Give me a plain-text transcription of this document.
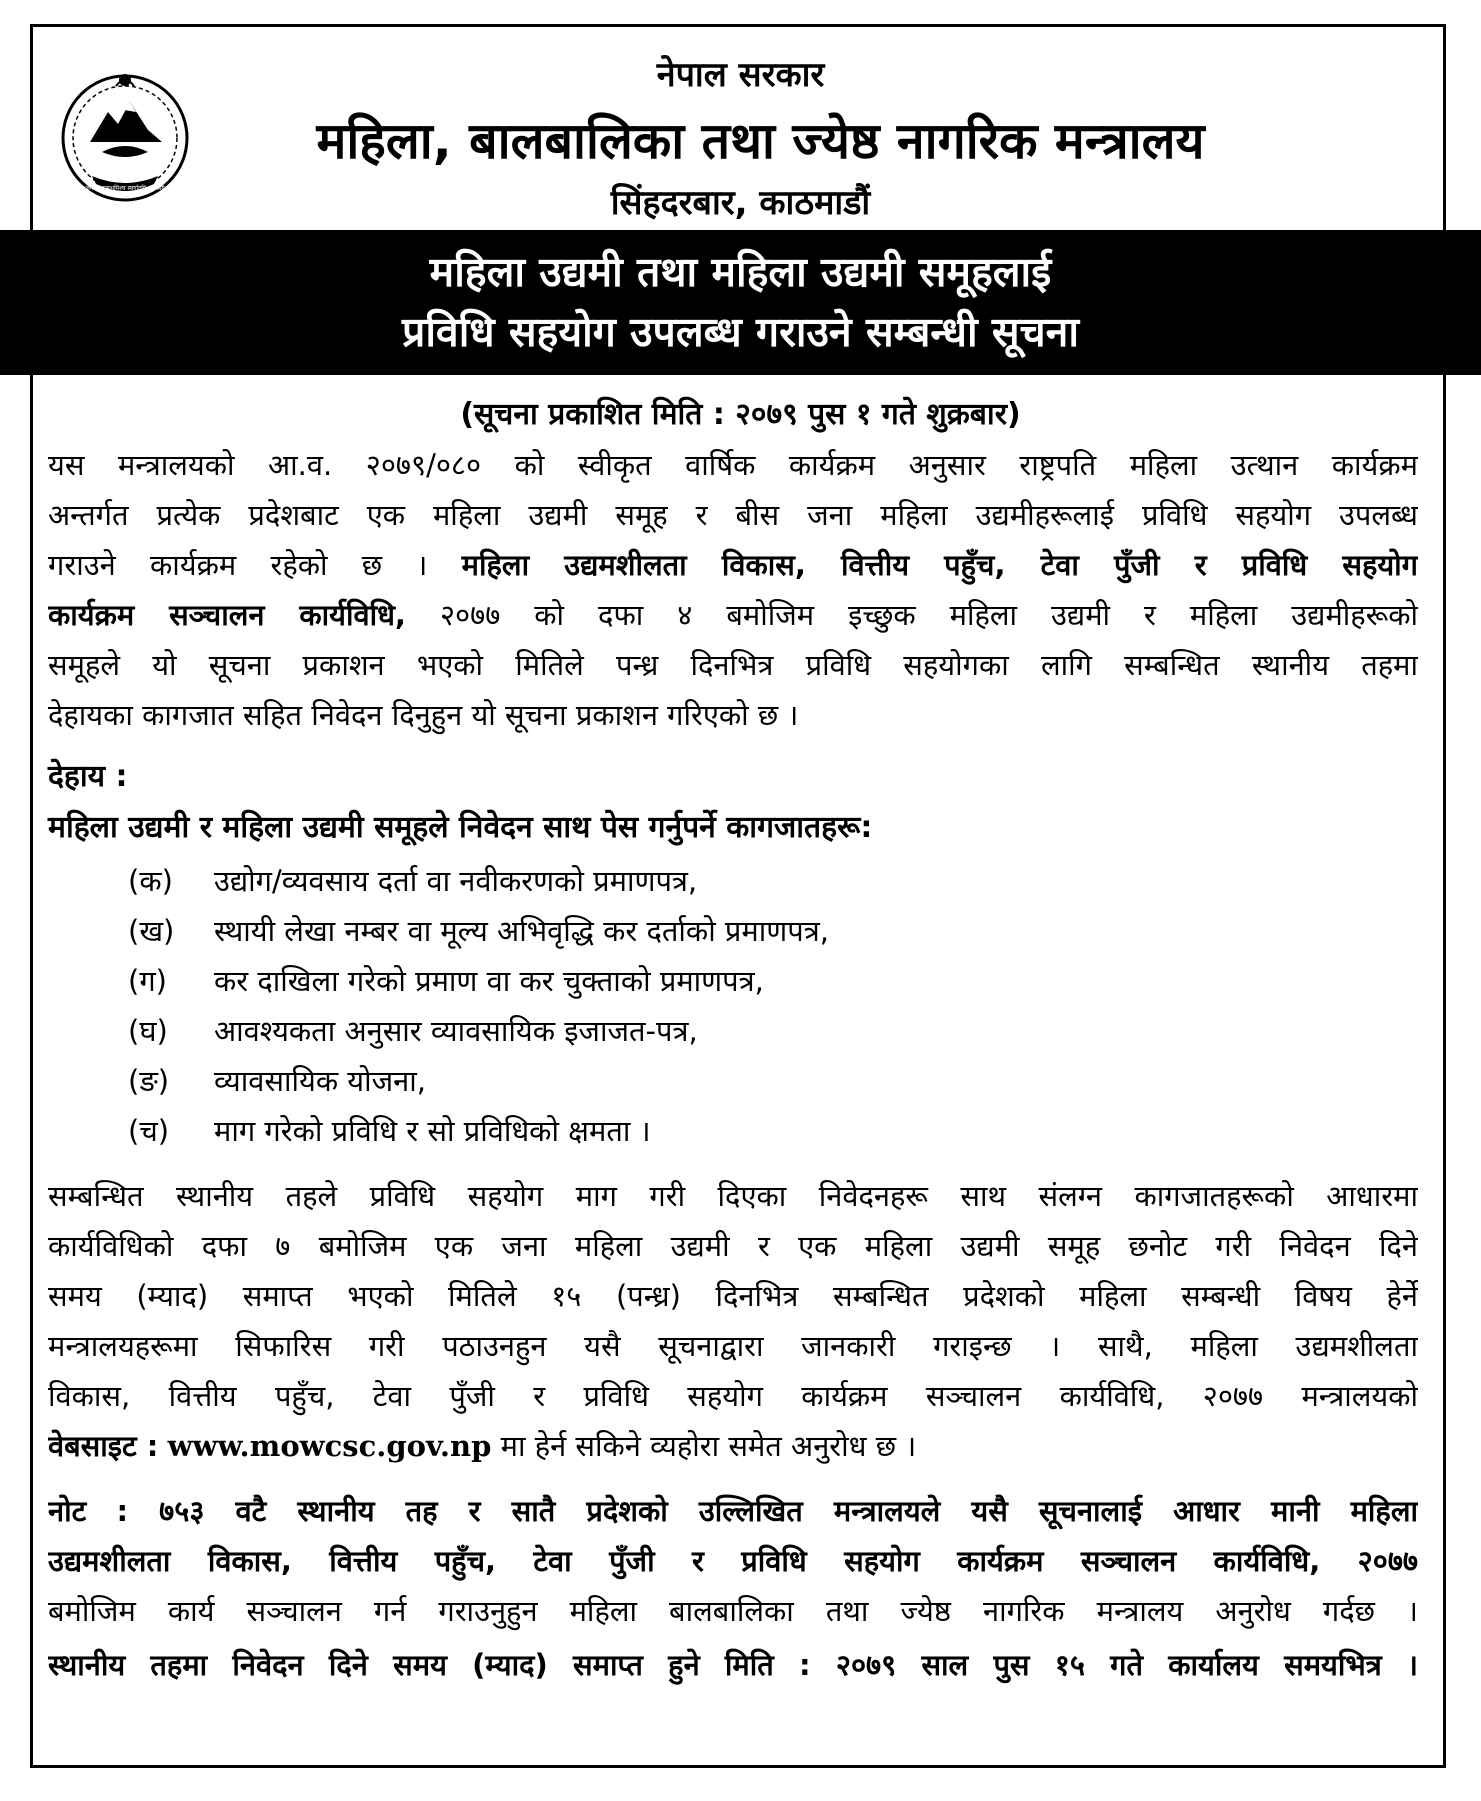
जननी जन्मभूमिश्च स्वर्गादपि गरीयसी
नेपाल सरकार
महिला, बालबालिका तथा ज्येष्ठ नागरिक मन्त्रालय
सिंहदरबार, काठमाडौं
महिला उद्यमी तथा महिला उद्यमी समूहलाई
प्रविधि सहयोग उपलब्ध गराउने सम्बन्धी सूचना
(सूचना प्रकाशित मिति : २०७९ पुस १ गते शुक्रबार)
यस मन्त्रालयको आ.व. २०७९/०८० को स्वीकृत वार्षिक कार्यक्रम अनुसार राष्ट्रपति महिला उत्थान कार्यक्रम
अन्तर्गत प्रत्येक प्रदेशबाट एक महिला उद्यमी समूह र बीस जना महिला उद्यमीहरूलाई प्रविधि सहयोग उपलब्ध
गराउने कार्यक्रम रहेको छ । महिला उद्यमशीलता विकास, वित्तीय पहुँच, टेवा पुँजी र प्रविधि सहयोग
कार्यक्रम सञ्चालन कार्यविधि, २०७७ को दफा ४ बमोजिम इच्छुक महिला उद्यमी र महिला उद्यमीहरूको
समूहले यो सूचना प्रकाशन भएको मितिले पन्ध्र दिनभित्र प्रविधि सहयोगका लागि सम्बन्धित स्थानीय तहमा
देहायका कागजात सहित निवेदन दिनुहुन यो सूचना प्रकाशन गरिएको छ ।
देहाय :
महिला उद्यमी र महिला उद्यमी समूहले निवेदन साथ पेस गर्नुपर्ने कागजातहरू:
(क) उद्योग/व्यवसाय दर्ता वा नवीकरणको प्रमाणपत्र,
(ख) स्थायी लेखा नम्बर वा मूल्य अभिवृद्धि कर दर्ताको प्रमाणपत्र,
(ग) कर दाखिला गरेको प्रमाण वा कर चुक्ताको प्रमाणपत्र,
(घ) आवश्यकता अनुसार व्यावसायिक इजाजत-पत्र,
(ङ) व्यावसायिक योजना,
(च) माग गरेको प्रविधि र सो प्रविधिको क्षमता ।
सम्बन्धित स्थानीय तहले प्रविधि सहयोग माग गरी दिएका निवेदनहरू साथ संलग्न कागजातहरूको आधारमा
कार्यविधिको दफा ७ बमोजिम एक जना महिला उद्यमी र एक महिला उद्यमी समूह छनोट गरी निवेदन दिने
समय (म्याद) समाप्त भएको मितिले १५ (पन्ध्र) दिनभित्र सम्बन्धित प्रदेशको महिला सम्बन्धी विषय हेर्ने
मन्त्रालयहरूमा सिफारिस गरी पठाउनहुन यसै सूचनाद्वारा जानकारी गराइन्छ । साथै, महिला उद्यमशीलता
विकास, वित्तीय पहुँच, टेवा पुँजी र प्रविधि सहयोग कार्यक्रम सञ्चालन कार्यविधि, २०७७ मन्त्रालयको
वेबसाइट : www.mowcsc.gov.np मा हेर्न सकिने व्यहोरा समेत अनुरोध छ ।
नोट : ७५३ वटै स्थानीय तह र सातै प्रदेशको उल्लिखित मन्त्रालयले यसै सूचनालाई आधार मानी महिला
उद्यमशीलता विकास, वित्तीय पहुँच, टेवा पुँजी र प्रविधि सहयोग कार्यक्रम सञ्चालन कार्यविधि, २०७७
बमोजिम कार्य सञ्चालन गर्न गराउनुहुन महिला बालबालिका तथा ज्येष्ठ नागरिक मन्त्रालय अनुरोध गर्दछ ।
स्थानीय तहमा निवेदन दिने समय (म्याद) समाप्त हुने मिति : २०७९ साल पुस १५ गते कार्यालय समयभित्र ।
